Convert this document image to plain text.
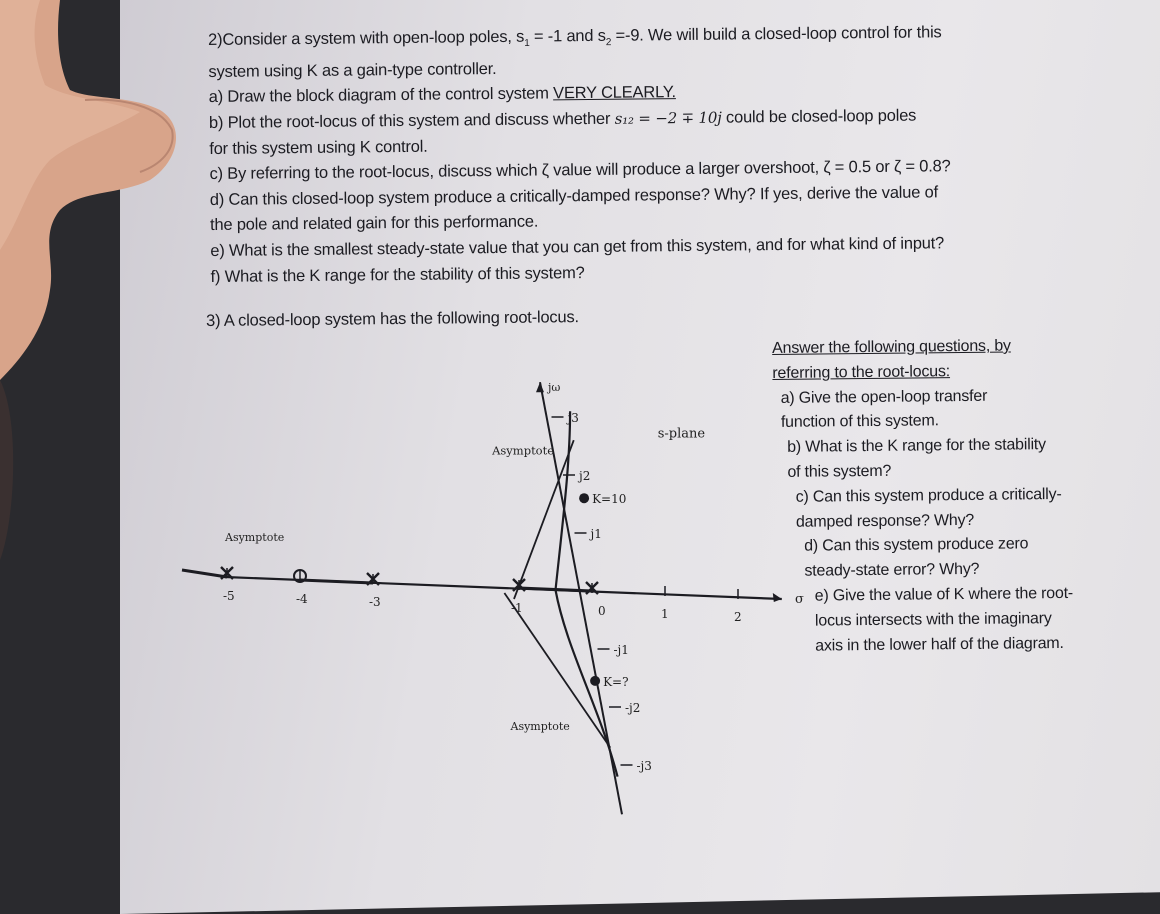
2)Consider a system with open-loop poles, $s_1 = -1$ and $s_2 =-9$. We will build a closed-loop control for this
system using K as a gain-type controller.
a) Draw the block diagram of the control system VERY CLEARLY.
b) Plot the root-locus of this system and discuss whether s₁₂ = −2 ∓ 10j could be closed-loop poles
for this system using K control.
c) By referring to the root-locus, discuss which ζ value will produce a larger overshoot, ζ = 0.5 or ζ = 0.8?
d) Can this closed-loop system produce a critically-damped response? Why? If yes, derive the value of
the pole and related gain for this performance.
e) What is the smallest steady-state value that you can get from this system, and for what kind of input?
f) What is the K range for the stability of this system?
3) A closed-loop system has the following root-locus.
Answer the following questions, by
referring to the root-locus:
a) Give the open-loop transfer
function of this system.
b) What is the K range for the stability
of this system?
c) Can this system produce a critically-
damped response? Why?
d) Can this system produce zero
steady-state error? Why?
e) Give the value of K where the root-
locus intersects with the imaginary
axis in the lower half of the diagram.
σ
jω
s-plane
-5	-4	-3	-1	0	1	2
j3
j2
j1
-j1
-j2
-j3
Asymptote
Asymptote
Asymptote
K=10
K=?
